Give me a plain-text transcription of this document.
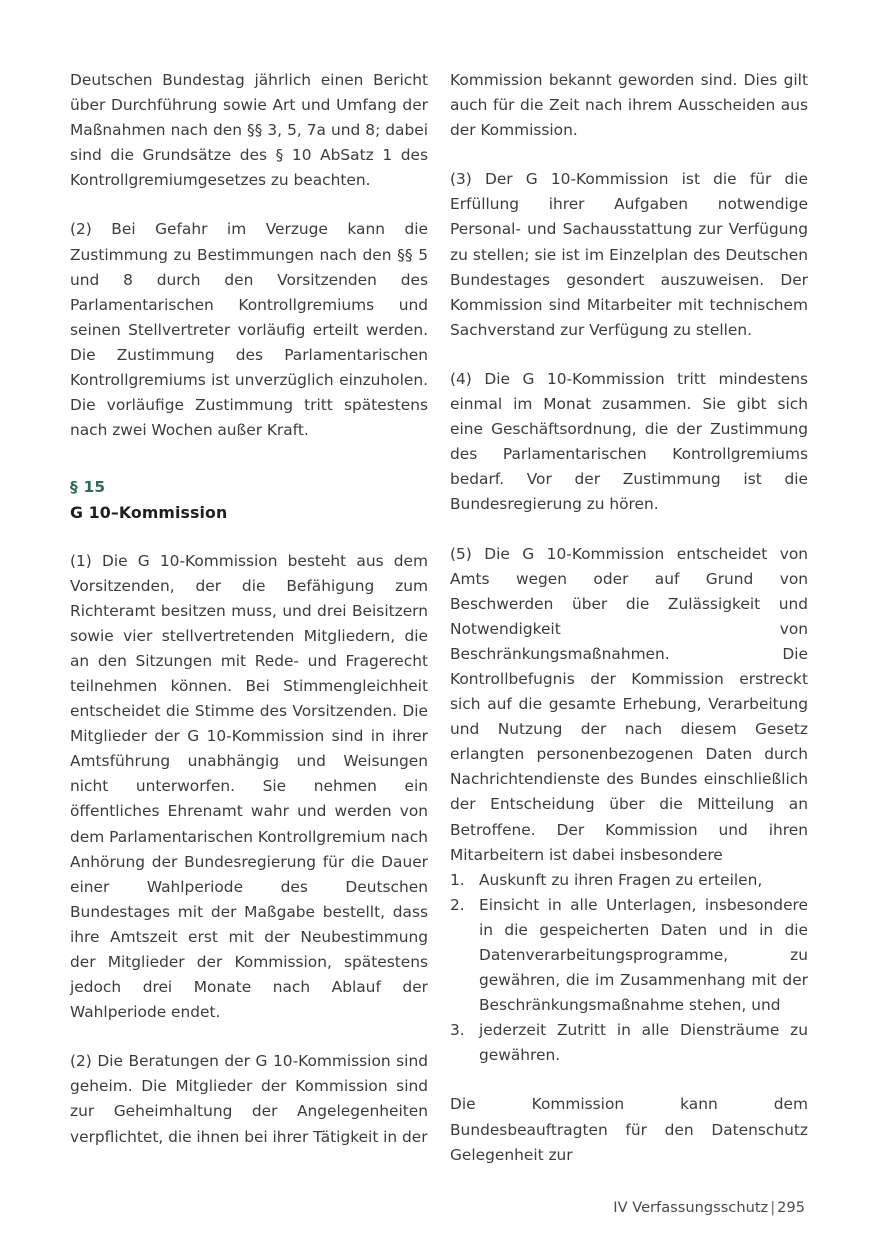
Deutschen Bundestag jährlich einen Bericht über Durchführung sowie Art und Umfang der Maßnahmen nach den §§ 3, 5, 7a und 8; dabei sind die Grundsätze des § 10 AbSatz 1 des Kontrollgremiumgesetzes zu beachten.

(2) Bei Gefahr im Verzuge kann die Zustimmung zu Bestimmungen nach den §§ 5 und 8 durch den Vorsitzenden des Parlamentarischen Kontrollgremiums und seinen Stellvertreter vorläufig erteilt werden. Die Zustimmung des Parlamentarischen Kontrollgremiums ist unverzüglich einzuholen. Die vorläufige Zustimmung tritt spätestens nach zwei Wochen außer Kraft.

§ 15
G 10–Kommission

(1) Die G 10-Kommission besteht aus dem Vorsitzenden, der die Befähigung zum Richteramt besitzen muss, und drei Beisitzern sowie vier stellvertretenden Mitgliedern, die an den Sitzungen mit Rede- und Fragerecht teilnehmen können. Bei Stimmengleichheit entscheidet die Stimme des Vorsitzenden. Die Mitglieder der G 10-Kommission sind in ihrer Amtsführung unabhängig und Weisungen nicht unterworfen. Sie nehmen ein öffentliches Ehrenamt wahr und werden von dem Parlamentarischen Kontrollgremium nach Anhörung der Bundesregierung für die Dauer einer Wahlperiode des Deutschen Bundestages mit der Maßgabe bestellt, dass ihre Amtszeit erst mit der Neubestimmung der Mitglieder der Kommission, spätestens jedoch drei Monate nach Ablauf der Wahlperiode endet.

(2) Die Beratungen der G 10-Kommission sind geheim. Die Mitglieder der Kommission sind zur Geheimhaltung der Angelegenheiten verpflichtet, die ihnen bei ihrer Tätigkeit in der

Kommission bekannt geworden sind. Dies gilt auch für die Zeit nach ihrem Ausscheiden aus der Kommission.

(3) Der G 10-Kommission ist die für die Erfüllung ihrer Aufgaben notwendige Personal- und Sachausstattung zur Verfügung zu stellen; sie ist im Einzelplan des Deutschen Bundestages gesondert auszuweisen. Der Kommission sind Mitarbeiter mit technischem Sachverstand zur Verfügung zu stellen.

(4) Die G 10-Kommission tritt mindestens einmal im Monat zusammen. Sie gibt sich eine Geschäftsordnung, die der Zustimmung des Parlamentarischen Kontrollgremiums bedarf. Vor der Zustimmung ist die Bundesregierung zu hören.

(5) Die G 10-Kommission entscheidet von Amts wegen oder auf Grund von Beschwerden über die Zulässigkeit und Notwendigkeit von Beschränkungsmaßnahmen. Die Kontrollbefugnis der Kommission erstreckt sich auf die gesamte Erhebung, Verarbeitung und Nutzung der nach diesem Gesetz erlangten personenbezogenen Daten durch Nachrichtendienste des Bundes einschließlich der Entscheidung über die Mitteilung an Betroffene. Der Kommission und ihren Mitarbeitern ist dabei insbesondere

1. Auskunft zu ihren Fragen zu erteilen,
2. Einsicht in alle Unterlagen, insbesondere in die gespeicherten Daten und in die Datenverarbeitungsprogramme, zu gewähren, die im Zusammenhang mit der Beschränkungsmaßnahme stehen, und
3. jederzeit Zutritt in alle Diensträume zu gewähren.

Die Kommission kann dem Bundesbeauftragten für den Datenschutz Gelegenheit zur

IV Verfassungsschutz | 295
